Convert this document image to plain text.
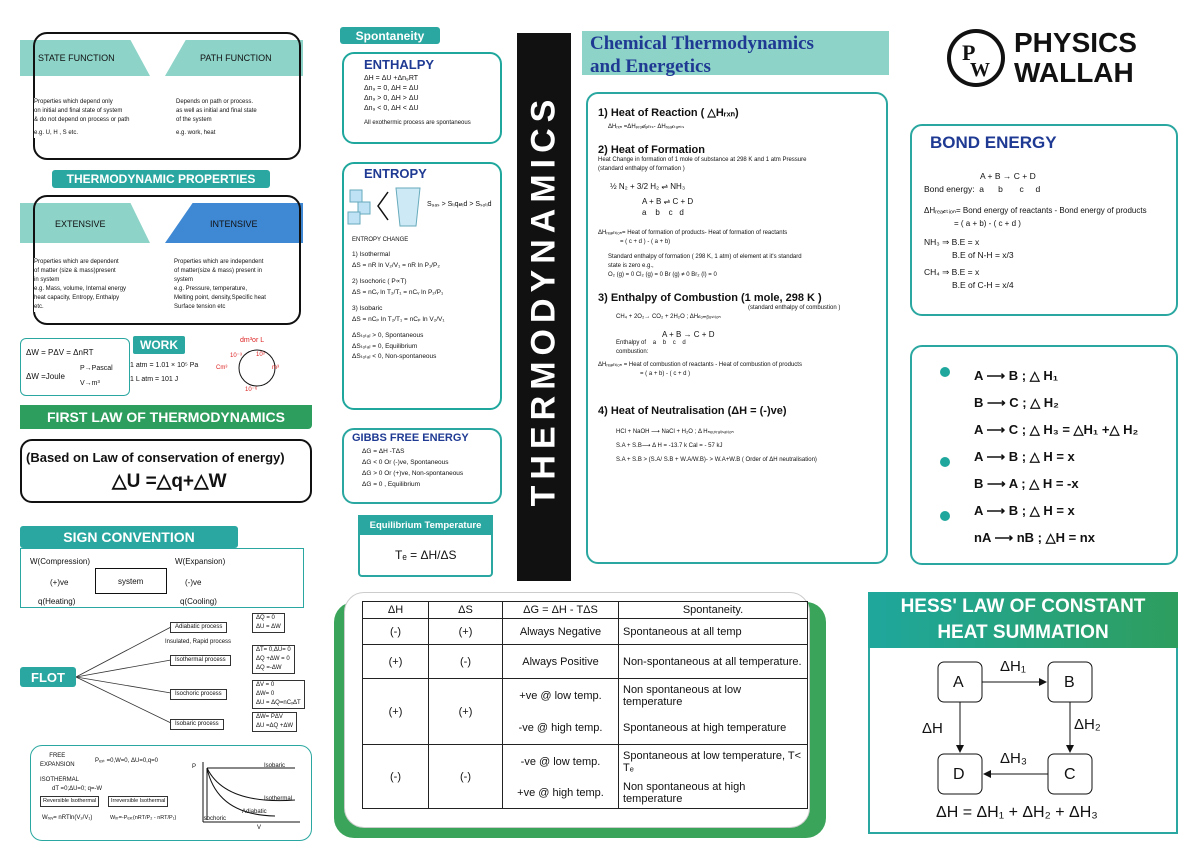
STATE FUNCTION	PATH FUNCTION
Properties which depend only
on initial and final state of system
& do not depend on process or path
e.g. U, H , S etc.
Depends on path or process.
as well as initial and final state
of the system
e.g. work, heat
THERMODYNAMIC PROPERTIES
EXTENSIVE	INTENSIVE
Properties which are dependent
of matter (size & mass)present
in system
e.g. Mass, volume, Internal energy
heat capacity, Entropy, Enthalpy
etc.
Properties which are independent
of matter(size & mass) present in
system
e.g. Pressure, temperature,
Melting point, density,Specific heat
Surface tension etc
ΔW = PΔV = ΔnRT
ΔW =Joule
P→Pascal
V→m³
WORK
1 atm = 1.01 × 10⁵ Pa
1 L atm = 101 J
dm³or L
10⁻³ 10³
Cm³	m³
10⁻⁶
FIRST LAW OF THERMODYNAMICS
(Based on Law of conservation of energy)
△U =△q+△W
SIGN CONVENTION
W(Compression)	W(Expansion)
(+)ve	system	(-)ve
q(Heating)	q(Cooling)
FLOT
Adiabatic process
ΔQ = 0
ΔU = ΔW
Insulated, Rapid process
Isothermal process
ΔT= 0,ΔU= 0
ΔQ +ΔW = 0
ΔQ =-ΔW
Isochoric process
ΔV = 0
ΔW= 0
ΔU = ΔQ=nCᵥΔT
Isobaric process
ΔW= PΔV
ΔU =ΔQ +ΔW
FREE
EXPANSION
Pₑₓₜ =0,W=0, ΔU=0,q=0
ISOTHERMAL
dT =0;ΔU=0; q=-W
Reversible Isothermal	Irreversible Isothermal
Wᵣₑᵥ= nRTln(V₂/V₁)	Wᵢᵣᵣ=-Pₑₓₜ(nRT/P₂ - nRT/P₁)
P
V
Isobaric
Isothermal
Adiabatic
Isochoric
Spontaneity
ENTHALPY
ΔH = ΔU +Δn₉RT
Δn₉ = 0, ΔH = ΔU
Δn₉ > 0, ΔH > ΔU
Δn₉ < 0, ΔH < ΔU
All exothermic process are spontaneous
ENTROPY
S₉ₐₛ > Sₗᵢq𝓊ᵢd > Sₛₒₗᵢd
ENTROPY CHANGE
1) Isothermal
ΔS = nR ln V₂/V₁ = nR ln P₁/P₂
2) Isochoric ( P∝T)
ΔS = nCᵥ ln T₂/T₁ = nCᵥ ln P₂/P₁
3) Isobaric
ΔS = nCₚ ln T₂/T₁ = nCₚ ln V₂/V₁
ΔSₜₒₜₐₗ > 0, Spontaneous
ΔSₜₒₜₐₗ = 0, Equilibrium
ΔSₜₒₜₐₗ < 0, Non-spontaneous
GIBBS FREE ENERGY
ΔG = ΔH -TΔS
ΔG < 0 Or (-)ve, Spontaneous
ΔG > 0 Or (+)ve, Non-spontaneous
ΔG = 0 , Equilibrium
Equilibrium Temperature
Tₑ = ΔH/ΔS
THERMODYNAMICS
ΔH	ΔS	ΔG = ΔH - TΔS	Spontaneity.
(-)	(+)	Always Negative	Spontaneous at all temp
(+)	(-)	Always Positive	Non-spontaneous at all temperature.
(+)	(+)	+ve @ low temp.	Non spontaneous at low temperature
		-ve @ high temp.	Spontaneous at high temperature
(-)	(-)	-ve @ low temp.	Spontaneous at low temperature, T< Tₑ
		+ve @ high temp.	Non spontaneous at high temperature
Chemical Thermodynamics
and Energetics
1) Heat of Reaction ( △Hᵣₓₙ)
ΔHᵣₓₙ =ΔHₚᵣₒ𝒹ᵤ𝒸ₜₛ- ΔHᵣₑₐ𝒸ₜₐₙₜₛ
2) Heat of Formation
Heat Change in formation of 1 mole of substance at 298 K and 1 atm Pressure
(standard enthalpy of formation )
½ N₂ + 3/2 H₂ ⇌ NH₃
A + B ⇌ C + D
a    b    c   d
ΔHᵣₑₐ𝒸ₜᵢₒₙ= Heat of formation of products- Heat of formation of reactants
= ( c + d ) - ( a + b)
Standard enthalpy of formation ( 298 K, 1 atm) of element at it's standard
state is zero e.g.,
O₂ (g) = 0 Cl₂ (g) = 0 Br (g) ≠ 0 Br₂ (l) = 0
3) Enthalpy of Combustion (1 mole, 298 K )
(standard enthalpy of combustion )
CH₄ + 2O₂→ CO₂ + 2H₂O ; ΔH𝒸ₒₘᵦᵤₛₜᵢₒₙ
A + B → C + D
Enthalpy of    a    b    c    d
combustion:
ΔHᵣₑₐ𝒸ₜᵢₒₙ = Heat of combustion of reactants - Heat of combustion of products
= ( a + b) - ( c + d )
4) Heat of Neutralisation (ΔH = (-)ve)
HCl + NaOH ⟶ NaCl + H₂O ; Δ Hₙₑᵤₜᵣₐₗᵢₛₐₜᵢₒₙ
S.A + S.B⟶ Δ H = -13.7 k Cal = - 57 kJ
S.A + S.B > (S.A/ S.B + W.A/W.B)- > W.A+W.B ( Order of ΔH neutralisation)
P
W
PHYSICS
WALLAH
BOND ENERGY
A + B → C + D
Bond energy:  a      b       c     d
ΔHᵣₑₐ𝒸ₜᵢₒₙ= Bond energy of reactants - Bond energy of products
= ( a + b) - ( c + d )
NH₃ ⇒ B.E = x
B.E of N-H = x/3
CH₄ ⇒ B.E = x
B.E of C-H = x/4
A ⟶ B ; △ H₁
B ⟶ C ; △ H₂
A ⟶ C ; △ H₃ = △H₁ +△ H₂
A ⟶ B ; △ H = x
B ⟶ A ; △ H = -x
A ⟶ B ; △ H = x
nA ⟶ nB ; △H = nx
HESS' LAW OF CONSTANT
HEAT SUMMATION
A	B
D	C
ΔH₁
ΔH	ΔH₂
ΔH₃
ΔH = ΔH₁ + ΔH₂ + ΔH₃
